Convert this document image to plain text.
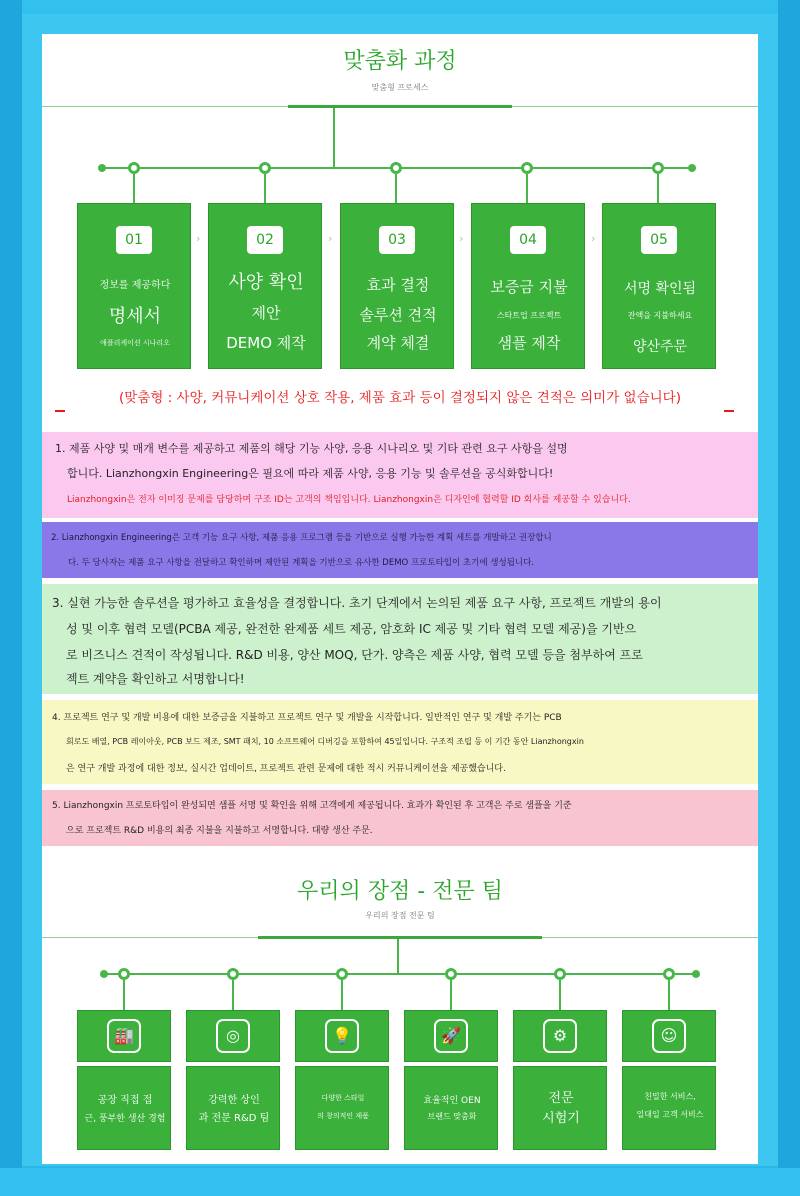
맞춤화 과정
맞춤형 프로세스
01
정보를 제공하다
명세서
애플리케이션 시나리오
›	02
사양 확인
제안
DEMO 제작
›	03
효과 결정
솔루션 견적
계약 체결
›	04
보증금 지불
스타트업 프로젝트
샘플 제작
›	05
서명 확인됨
잔액을 지불하세요
양산주문
(맞춤형 : 사양, 커뮤니케이션 상호 작용, 제품 효과 등이 결정되지 않은 견적은 의미가 없습니다)

1. 제품 사양 및 매개 변수를 제공하고 제품의 해당 기능 사양, 응용 시나리오 및 기타 관련 요구 사항을 설명

합니다. Lianzhongxin Engineering은 필요에 따라 제품 사양, 응용 기능 및 솔루션을 공식화합니다!

Lianzhongxin은 전자 이미징 문제를 담당하며 구조 ID는 고객의 책임입니다. Lianzhongxin은 디자인에 협력할 ID 회사를 제공할 수 있습니다.

2. Lianzhongxin Engineering은 고객 기능 요구 사항, 제품 응용 프로그램 등을 기반으로 실행 가능한 계획 세트를 개발하고 권장합니

다. 두 당사자는 제품 요구 사항을 전달하고 확인하며 제안된 계획을 기반으로 유사한 DEMO 프로토타입이 초기에 생성됩니다.

3. 실현 가능한 솔루션을 평가하고 효율성을 결정합니다. 초기 단계에서 논의된 제품 요구 사항, 프로젝트 개발의 용이

성 및 이후 협력 모델(PCBA 제공, 완전한 완제품 세트 제공, 암호화 IC 제공 및 기타 협력 모델 제공)을 기반으

로 비즈니스 견적이 작성됩니다. R&D 비용, 양산 MOQ, 단가. 양측은 제품 사양, 협력 모델 등을 첨부하여 프로

젝트 계약을 확인하고 서명합니다!

4. 프로젝트 연구 및 개발 비용에 대한 보증금을 지불하고 프로젝트 연구 및 개발을 시작합니다. 일반적인 연구 및 개발 주기는 PCB

회로도 배열, PCB 레이아웃, PCB 보드 제조, SMT 패치, 10 소프트웨어 디버깅을 포함하여 45일입니다. 구조적 조립 등 이 기간 동안 Lianzhongxin

은 연구 개발 과정에 대한 정보, 실시간 업데이트, 프로젝트 관련 문제에 대한 적시 커뮤니케이션을 제공했습니다.

5. Lianzhongxin 프로토타입이 완성되면 샘플 서명 및 확인을 위해 고객에게 제공됩니다. 효과가 확인된 후 고객은 주로 샘플을 기준

으로 프로젝트 R&D 비용의 최종 지불을 지불하고 서명합니다. 대량 생산 주문.

우리의 장점 - 전문 팀
우리의 장점 전문 팀
🏭
공장 직접 접
근, 풍부한 생산 경험
◎
강력한 상인
과 전문 R&D 팀
💡
다양한 스타일
의 창의적인 제품
🚀
효율적인 OEN
브랜드 맞춤화
⚙
전문
시험기
☺
친밀한 서비스,
일대일 고객 서비스
